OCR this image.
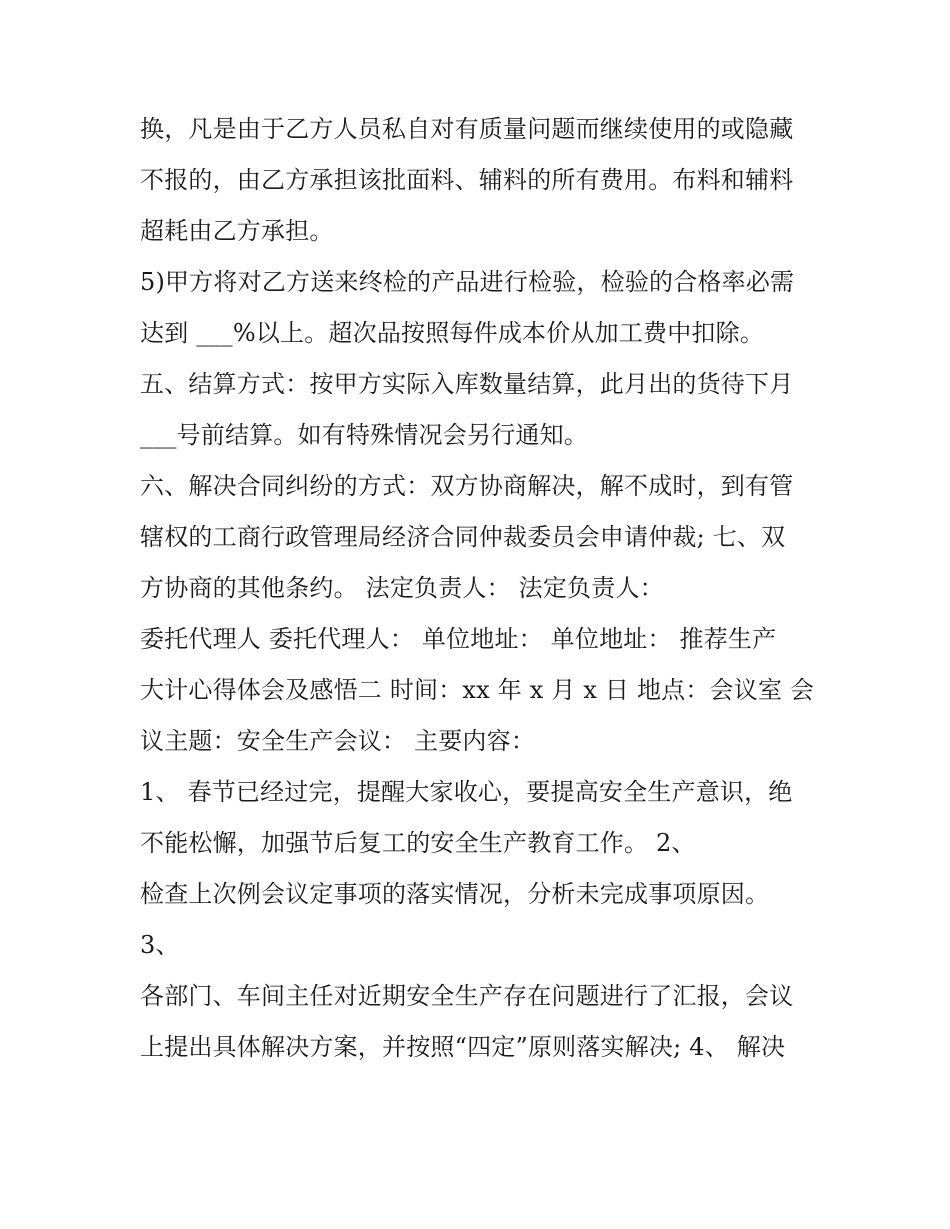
换，凡是由于乙方人员私自对有质量问题而继续使用的或隐藏
不报的，由乙方承担该批面料、辅料的所有费用。布料和辅料
超耗由乙方承担。
5)甲方将对乙方送来终检的产品进行检验，检验的合格率必需
达到 ___%以上。超次品按照每件成本价从加工费中扣除。
五、结算方式：按甲方实际入库数量结算，此月出的货待下月
___号前结算。如有特殊情况会另行通知。
六、解决合同纠纷的方式：双方协商解决，解不成时，到有管
辖权的工商行政管理局经济合同仲裁委员会申请仲裁; 七、双
方协商的其他条约。 法定负责人： 法定负责人：
委托代理人 委托代理人： 单位地址： 单位地址： 推荐生产
大计心得体会及感悟二 时间：xx 年 x 月 x 日 地点：会议室 会
议主题：安全生产会议： 主要内容：
1、 春节已经过完，提醒大家收心，要提高安全生产意识，绝
不能松懈，加强节后复工的安全生产教育工作。 2、
检查上次例会议定事项的落实情况，分析未完成事项原因。
3、
各部门、车间主任对近期安全生产存在问题进行了汇报，会议
上提出具体解决方案，并按照“四定”原则落实解决; 4、 解决
